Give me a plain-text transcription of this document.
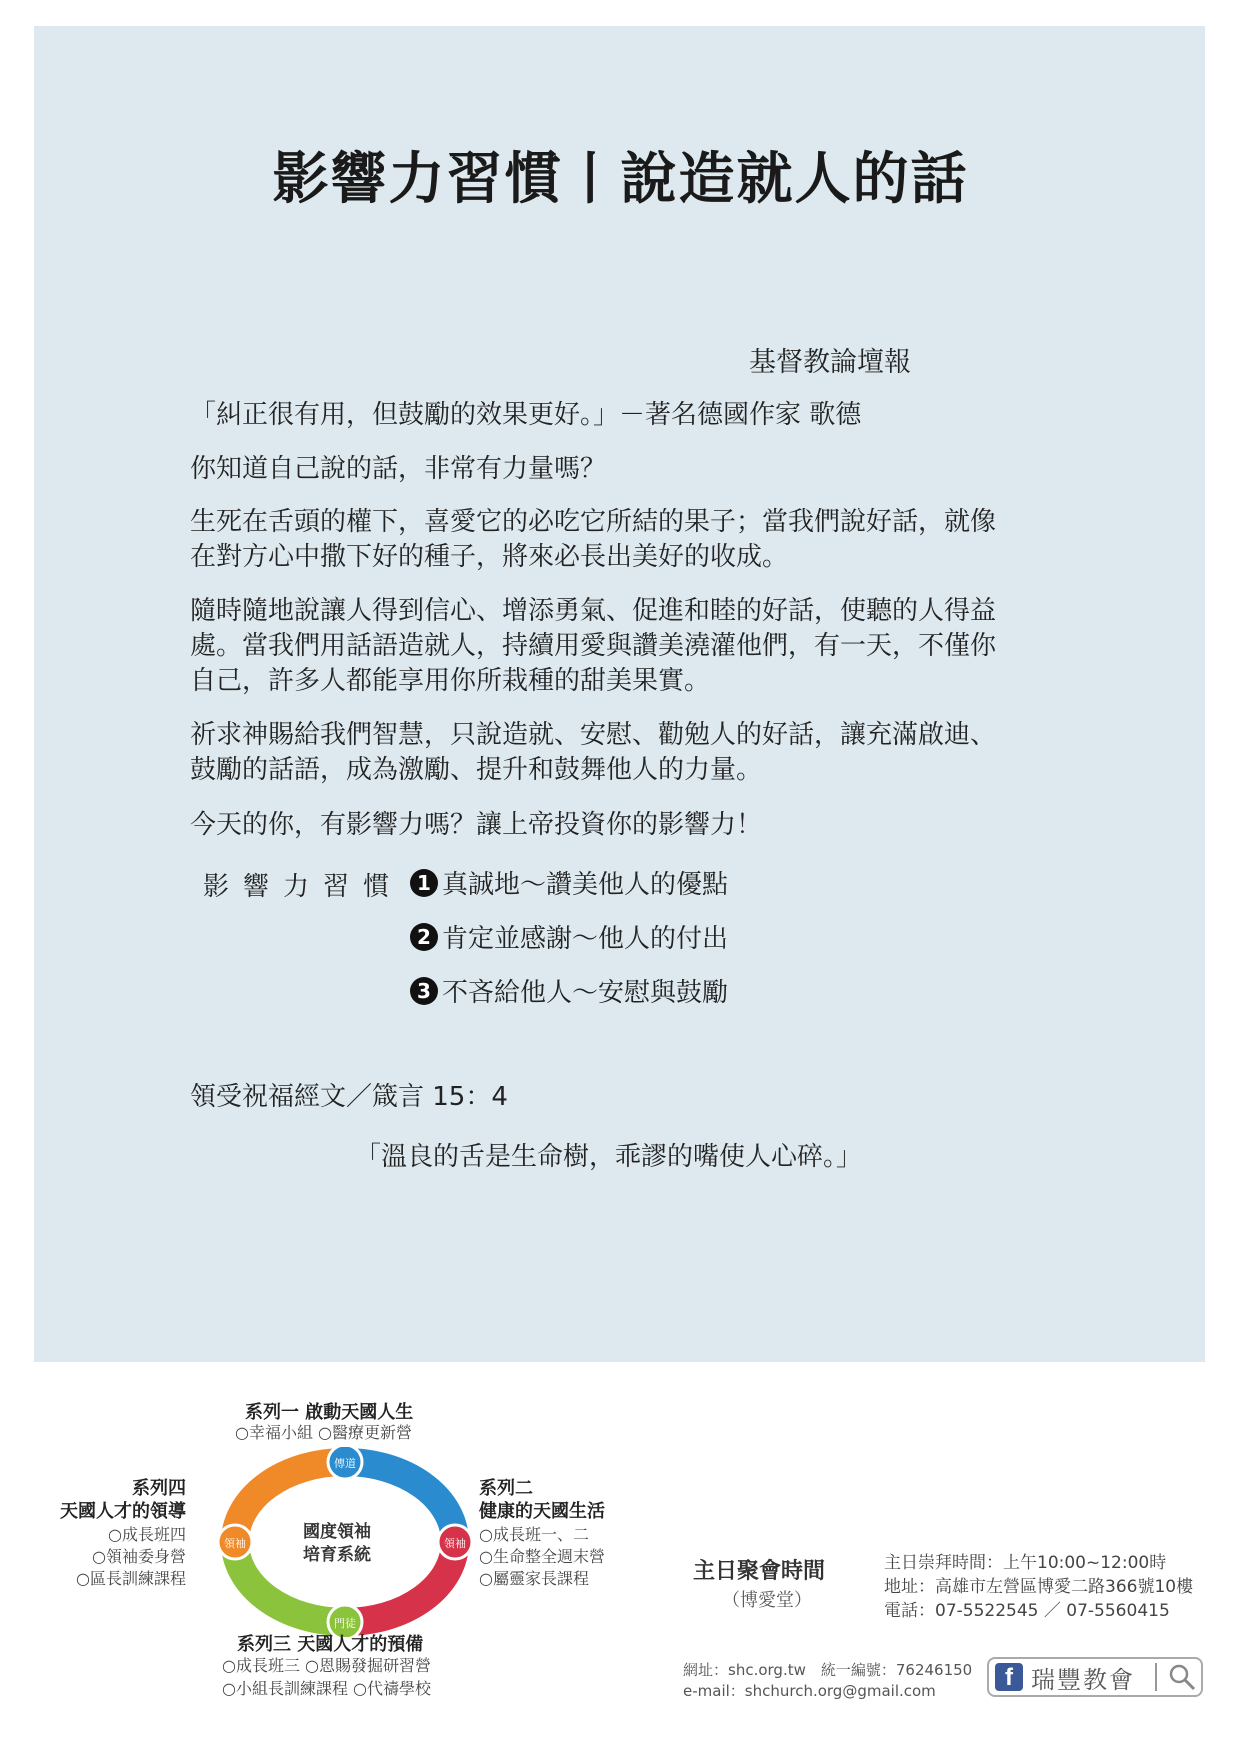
影響力習慣丨說造就人的話
基督教論壇報
「糾正很有用，但鼓勵的效果更好。」－著名德國作家 歌德
你知道自己說的話，非常有力量嗎？
生死在舌頭的權下，喜愛它的必吃它所結的果子；當我們說好話，就像在對方心中撒下好的種子，將來必長出美好的收成。
隨時隨地說讓人得到信心、增添勇氣、促進和睦的好話，使聽的人得益處。當我們用話語造就人，持續用愛與讚美澆灌他們，有一天，不僅你自己，許多人都能享用你所栽種的甜美果實。
祈求神賜給我們智慧，只說造就、安慰、勸勉人的好話，讓充滿啟迪、鼓勵的話語，成為激勵、提升和鼓舞他人的力量。
今天的你，有影響力嗎？讓上帝投資你的影響力！
影響力習慣 1 真誠地～讚美他人的優點
2 肯定並感謝～他人的付出
3 不吝給他人～安慰與鼓勵
領受祝福經文／箴言 15：4
「溫良的舌是生命樹，乖謬的嘴使人心碎。」
傳道
領袖	領袖
門徒
國度領袖
培育系統
系列一 啟動天國人生
○幸福小組 ○醫療更新營
系列二
健康的天國生活
○成長班一、二
○生命整全週末營
○屬靈家長課程
系列三 天國人才的預備
○成長班三 ○恩賜發掘研習營
○小組長訓練課程 ○代禱學校
系列四
天國人才的領導
○成長班四
○領袖委身營
○區長訓練課程	主日聚會時間
（博愛堂）
主日崇拜時間：上午10:00~12:00時
地址：高雄市左營區博愛二路366號10樓
電話：07-5522545 ／ 07-5560415
網址：shc.org.tw　統一編號：76246150
e-mail：shchurch.org@gmail.com	f 瑞豐教會
